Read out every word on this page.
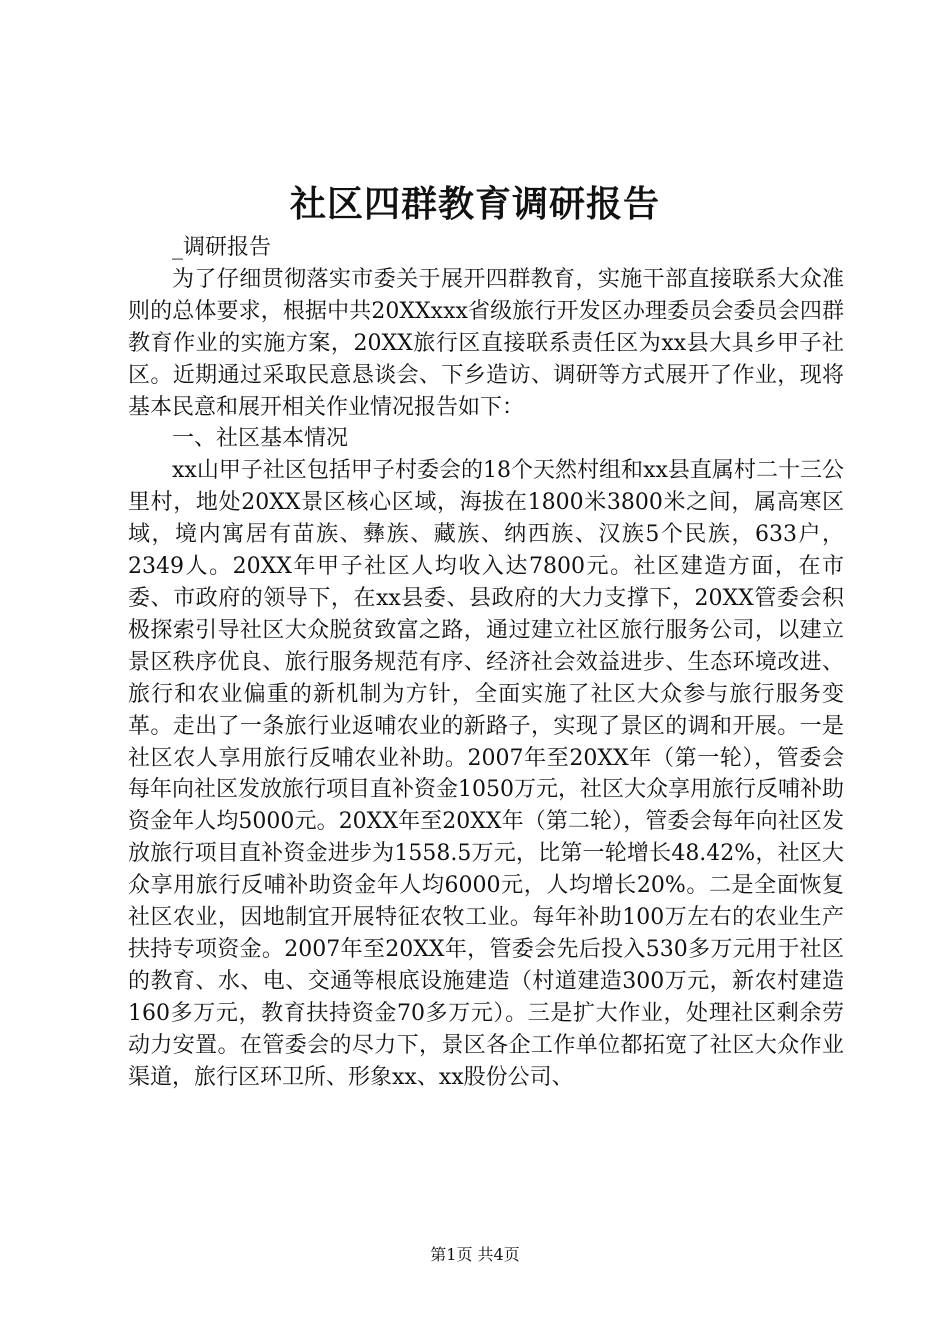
社区四群教育调研报告

_调研报告

为了仔细贯彻落实市委关于展开四群教育，实施干部直接联系大众准则的总体要求，根据中共20XXxxx省级旅行开发区办理委员会委员会四群教育作业的实施方案，20XX旅行区直接联系责任区为xx县大具乡甲子社区。近期通过采取民意恳谈会、下乡造访、调研等方式展开了作业，现将基本民意和展开相关作业情况报告如下：

一、社区基本情况

xx山甲子社区包括甲子村委会的18个天然村组和xx县直属村二十三公里村，地处20XX景区核心区域，海拔在1800米3800米之间，属高寒区域，境内寓居有苗族、彝族、藏族、纳西族、汉族5个民族，633户，2349人。20XX年甲子社区人均收入达7800元。社区建造方面，在市委、市政府的领导下，在xx县委、县政府的大力支撑下，20XX管委会积极探索引导社区大众脱贫致富之路，通过建立社区旅行服务公司，以建立景区秩序优良、旅行服务规范有序、经济社会效益进步、生态环境改进、旅行和农业偏重的新机制为方针，全面实施了社区大众参与旅行服务变革。走出了一条旅行业返哺农业的新路子，实现了景区的调和开展。一是社区农人享用旅行反哺农业补助。2007年至20XX年（第一轮），管委会每年向社区发放旅行项目直补资金1050万元，社区大众享用旅行反哺补助资金年人均5000元。20XX年至20XX年（第二轮），管委会每年向社区发放旅行项目直补资金进步为1558.5万元，比第一轮增长48.42%，社区大众享用旅行反哺补助资金年人均6000元，人均增长20%。二是全面恢复社区农业，因地制宜开展特征农牧工业。每年补助100万左右的农业生产扶持专项资金。2007年至20XX年，管委会先后投入530多万元用于社区的教育、水、电、交通等根底设施建造（村道建造300万元，新农村建造160多万元，教育扶持资金70多万元）。三是扩大作业，处理社区剩余劳动力安置。在管委会的尽力下，景区各企工作单位都拓宽了社区大众作业渠道，旅行区环卫所、形象xx、xx股份公司、

第1页 共4页
